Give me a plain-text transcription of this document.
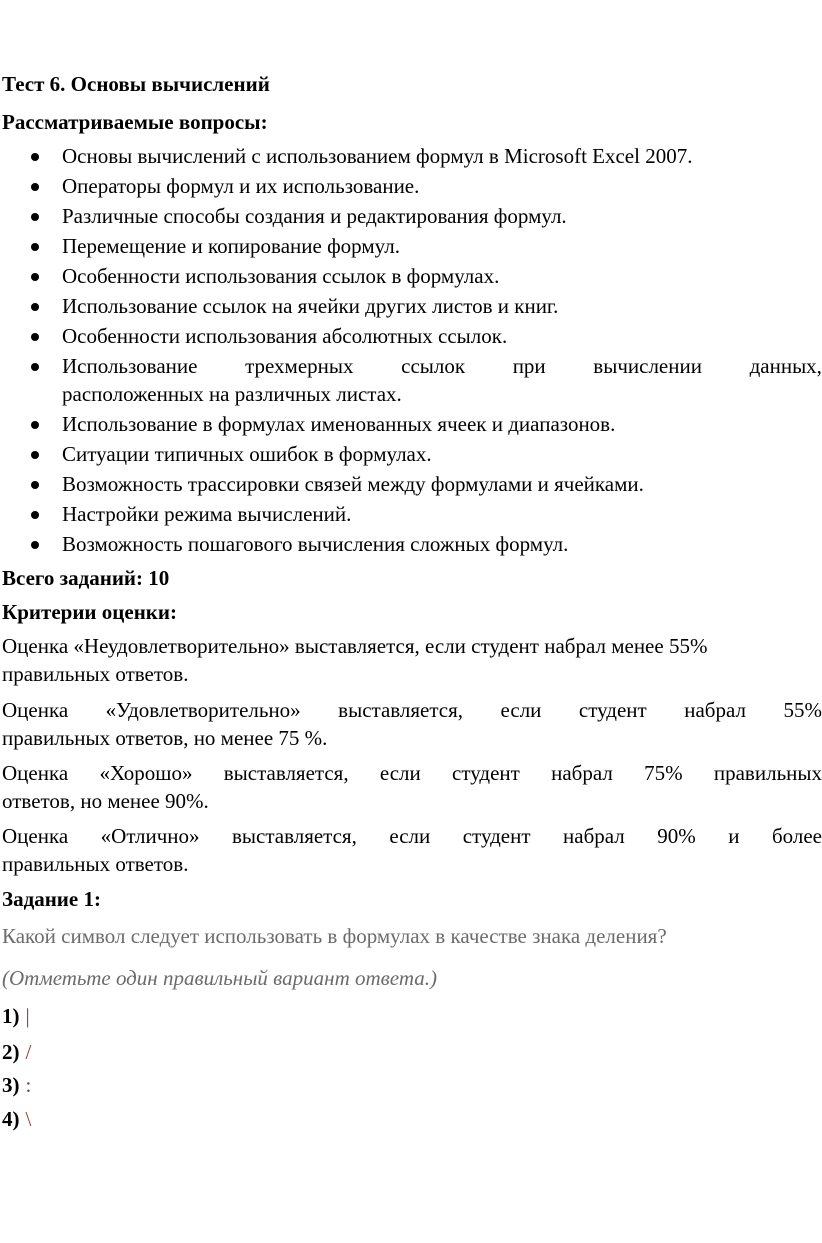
Тест 6. Основы вычислений
Рассматриваемые вопросы:
Основы вычислений с использованием формул в Microsoft Excel 2007.
Операторы формул и их использование.
Различные способы создания и редактирования формул.
Перемещение и копирование формул.
Особенности использования ссылок в формулах.
Использование ссылок на ячейки других листов и книг.
Особенности использования абсолютных ссылок.
Использование трехмерных ссылок при вычислении данных,
расположенных на различных листах.
Использование в формулах именованных ячеек и диапазонов.
Ситуации типичных ошибок в формулах.
Возможность трассировки связей между формулами и ячейками.
Настройки режима вычислений.
Возможность пошагового вычисления сложных формул.
Всего заданий: 10
Критерии оценки:
Оценка «Неудовлетворительно» выставляется, если студент набрал менее 55%
правильных ответов.
Оценка «Удовлетворительно» выставляется, если студент набрал 55%
правильных ответов, но менее 75 %.
Оценка «Хорошо» выставляется, если студент набрал 75% правильных
ответов, но менее 90%.
Оценка «Отлично» выставляется, если студент набрал 90% и более
правильных ответов.
Задание 1:
Какой символ следует использовать в формулах в качестве знака деления?
(Отметьте один правильный вариант ответа.)
1) |
2) /
3) :
4) \
